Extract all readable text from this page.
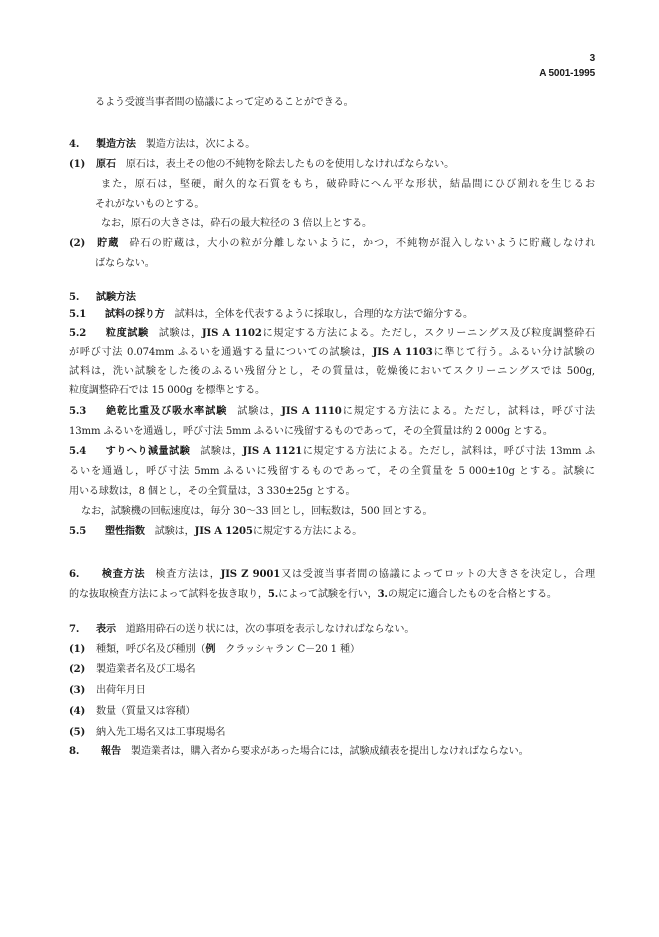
3
A 5001-1995
るよう受渡当事者間の協議によって定めることができる。
4. 製造方法 製造方法は，次による。
(1) 原石 原石は，表土その他の不純物を除去したものを使用しなければならない。
また，原石は，堅硬，耐久的な石質をもち，破砕時にへん平な形状，結晶間にひび割れを生じるお
それがないものとする。
なお，原石の大きさは，砕石の最大粒径の 3 倍以上とする。
(2) 貯蔵 砕石の貯蔵は，大小の粒が分離しないように，かつ，不純物が混入しないように貯蔵しなけれ
ばならない。
5. 試験方法
5.1 試料の採り方 試料は，全体を代表するように採取し，合理的な方法で縮分する。
5.2 粒度試験 試験は，JIS A 1102に規定する方法による。ただし，スクリーニングス及び粒度調整砕石
が呼び寸法 0.074mm ふるいを通過する量についての試験は，JIS A 1103に準じて行う。ふるい分け試験の
試料は，洗い試験をした後のふるい残留分とし，その質量は，乾燥後においてスクリーニングスでは 500g,
粒度調整砕石では 15 000g を標準とする。
5.3 絶乾比重及び吸水率試験 試験は，JIS A 1110に規定する方法による。ただし，試料は，呼び寸法
13mm ふるいを通過し，呼び寸法 5mm ふるいに残留するものであって，その全質量は約 2 000g とする。
5.4 すりへり減量試験 試験は，JIS A 1121に規定する方法による。ただし，試料は，呼び寸法 13mm ふ
るいを通過し，呼び寸法 5mm ふるいに残留するものであって，その全質量を 5 000±10g とする。試験に
用いる球数は，8 個とし，その全質量は，3 330±25g とする。
なお，試験機の回転速度は，毎分 30～33 回とし，回転数は，500 回とする。
5.5 塑性指数 試験は，JIS A 1205に規定する方法による。
6. 検査方法 検査方法は，JIS Z 9001又は受渡当事者間の協議によってロットの大きさを決定し，合理
的な抜取検査方法によって試料を抜き取り，5.によって試験を行い，3.の規定に適合したものを合格とする。
7. 表示 道路用砕石の送り状には，次の事項を表示しなければならない。
(1) 種類，呼び名及び種別（例　クラッシャラン C－20 1 種）
(2) 製造業者名及び工場名
(3) 出荷年月日
(4) 数量（質量又は容積）
(5) 納入先工場名又は工事現場名
8. 報告 製造業者は，購入者から要求があった場合には，試験成績表を提出しなければならない。
